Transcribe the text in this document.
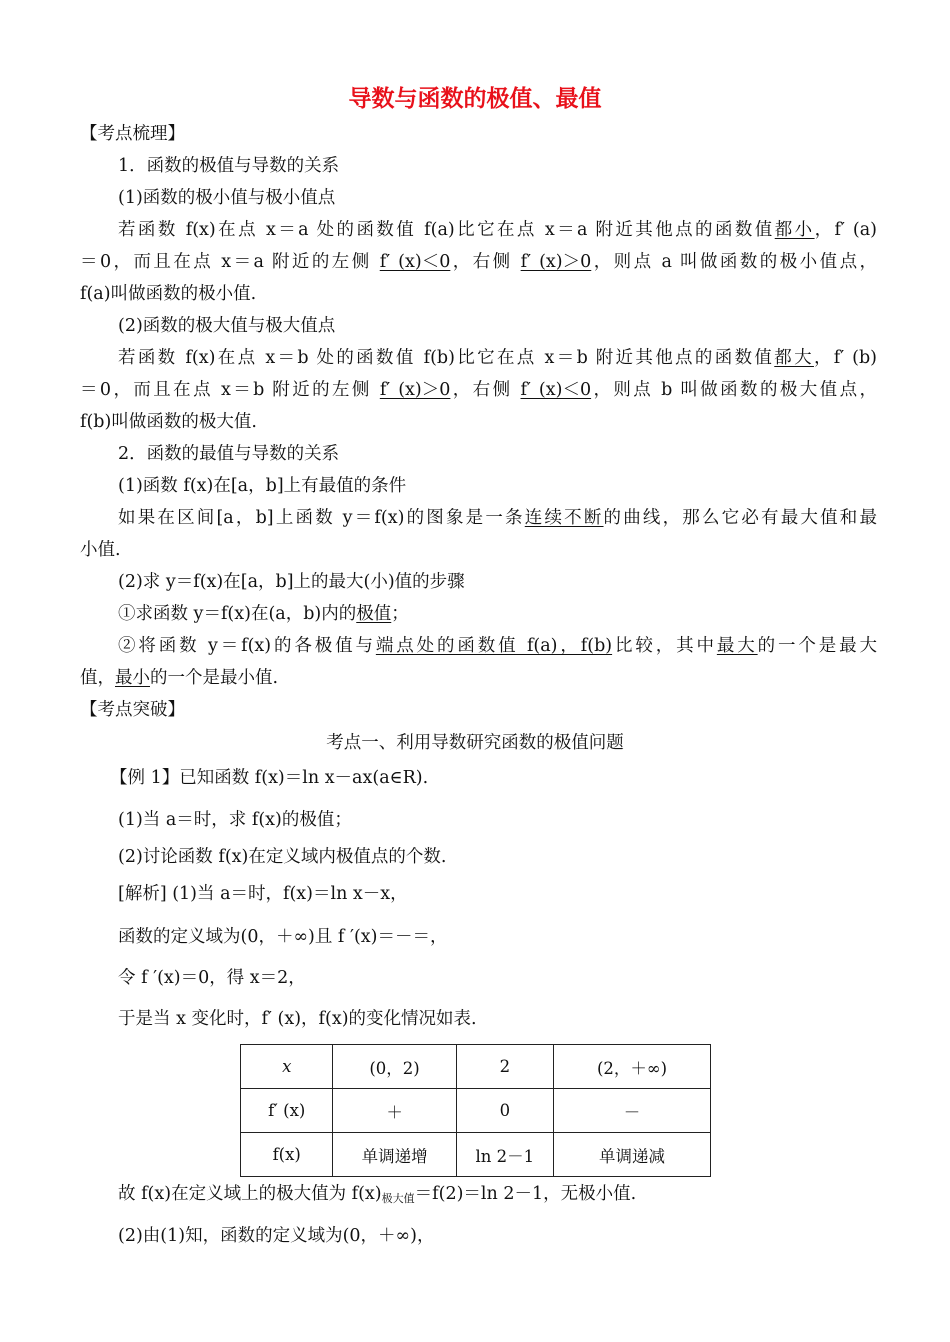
导数与函数的极值、最值
【考点梳理】
1．函数的极值与导数的关系
(1)函数的极小值与极小值点
若函数 f(x)在点 x＝a 处的函数值 f(a)比它在点 x＝a 附近其他点的函数值都小，f′ (a)
＝0，而且在点 x＝a 附近的左侧 f′ (x)＜0，右侧 f′ (x)＞0，则点 a 叫做函数的极小值点，
f(a)叫做函数的极小值.
(2)函数的极大值与极大值点
若函数 f(x)在点 x＝b 处的函数值 f(b)比它在点 x＝b 附近其他点的函数值都大，f′ (b)
＝0，而且在点 x＝b 附近的左侧 f′ (x)＞0，右侧 f′ (x)＜0，则点 b 叫做函数的极大值点，
f(b)叫做函数的极大值.
2．函数的最值与导数的关系
(1)函数 f(x)在[a，b]上有最值的条件
如果在区间[a，b]上函数 y＝f(x)的图象是一条连续不断的曲线，那么它必有最大值和最
小值.
(2)求 y＝f(x)在[a，b]上的最大(小)值的步骤
①求函数 y＝f(x)在(a，b)内的极值；
②将函数 y＝f(x)的各极值与端点处的函数值 f(a)，f(b)比较，其中最大的一个是最大
值，最小的一个是最小值.
【考点突破】
考点一、利用导数研究函数的极值问题
【例 1】已知函数 f(x)＝ln x－ax(a∈R).
(1)当 a＝时，求 f(x)的极值；
(2)讨论函数 f(x)在定义域内极值点的个数.
[解析] (1)当 a＝时，f(x)＝ln x－x，
函数的定义域为(0，＋∞)且 f ′(x)＝－＝，
令 f ′(x)＝0，得 x＝2，
于是当 x 变化时，f′ (x)，f(x)的变化情况如表.
x	(0，2)	2	(2，＋∞)
f′ (x)	＋	0	－
f(x)	单调递增	ln 2－1	单调递减
故 f(x)在定义域上的极大值为 $f(x)_{极大值}=f(2)=\ln$ 2－1，无极小值.
(2)由(1)知，函数的定义域为(0，＋∞)，
